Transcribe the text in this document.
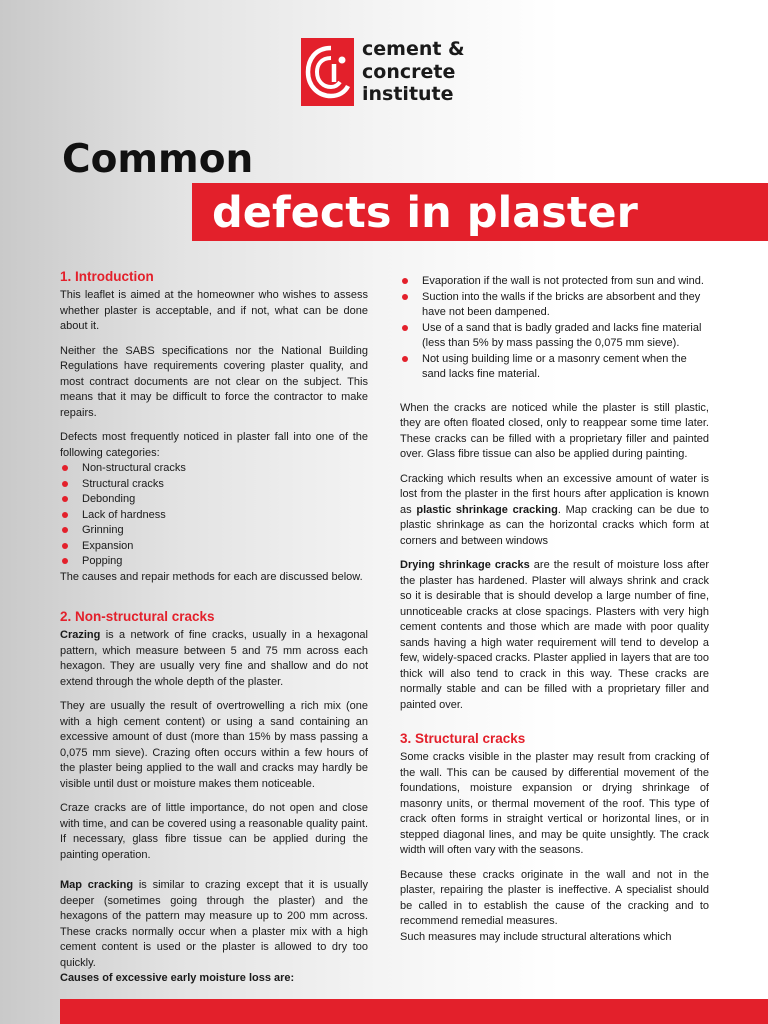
cement &
concrete
institute
Common
defects in plaster
1. Introduction

This leaflet is aimed at the homeowner who wishes to assess whether plaster is acceptable, and if not, what can be done about it.

Neither the SABS specifications nor the National Building Regulations have requirements covering plaster quality, and most contract documents are not clear on the subject. This means that it may be difficult to force the contractor to make repairs.

Defects most frequently noticed in plaster fall into one of the following categories:

Non-structural cracks
Structural cracks
Debonding
Lack of hardness
Grinning
Expansion
Popping

The causes and repair methods for each are discussed below.

2. Non-structural cracks

Crazing is a network of fine cracks, usually in a hexagonal pattern, which measure between 5 and 75 mm across each hexagon. They are usually very fine and shallow and do not extend through the whole depth of the plaster.

They are usually the result of overtrowelling a rich mix (one with a high cement content) or using a sand containing an excessive amount of dust (more than 15% by mass passing a 0,075 mm sieve). Crazing often occurs within a few hours of the plaster being applied to the wall and cracks may hardly be visible until dust or moisture makes them noticeable.

Craze cracks are of little importance, do not open and close with time, and can be covered using a reasonable quality paint. If necessary, glass fibre tissue can be applied during the painting operation.

Map cracking is similar to crazing except that it is usually deeper (sometimes going through the plaster) and the hexagons of the pattern may measure up to 200 mm across. These cracks normally occur when a plaster mix with a high cement content is used or the plaster is allowed to dry too quickly.

Causes of excessive early moisture loss are:

Evaporation if the wall is not protected from sun and wind.
Suction into the walls if the bricks are absorbent and they have not been dampened.
Use of a sand that is badly graded and lacks fine material (less than 5% by mass passing the 0,075 mm sieve).
Not using building lime or a masonry cement when the sand lacks fine material.

When the cracks are noticed while the plaster is still plastic, they are often floated closed, only to reappear some time later. These cracks can be filled with a proprietary filler and painted over. Glass fibre tissue can also be applied during painting.

Cracking which results when an excessive amount of water is lost from the plaster in the first hours after application is known as plastic shrinkage cracking. Map cracking can be due to plastic shrinkage as can the horizontal cracks which form at corners and between windows

Drying shrinkage cracks are the result of moisture loss after the plaster has hardened. Plaster will always shrink and crack so it is desirable that is should develop a large number of fine, unnoticeable cracks at close spacings. Plasters with very high cement contents and those which are made with poor quality sands having a high water requirement will tend to develop a few, widely-spaced cracks. Plaster applied in layers that are too thick will also tend to crack in this way. These cracks are normally stable and can be filled with a proprietary filler and painted over.

3. Structural cracks

Some cracks visible in the plaster may result from cracking of the wall. This can be caused by differential movement of the foundations, moisture expansion or drying shrinkage of masonry units, or thermal movement of the roof. This type of crack often forms in straight vertical or horizontal lines, or in stepped diagonal lines, and may be quite unsightly. The crack width will often vary with the seasons.

Because these cracks originate in the wall and not in the plaster, repairing the plaster is ineffective. A specialist should be called in to establish the cause of the cracking and to recommend remedial measures.

Such measures may include structural alterations which
